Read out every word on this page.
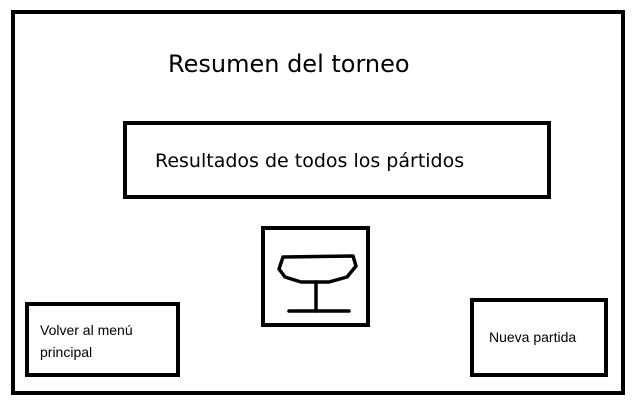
Resumen del torneo
Resultados de todos los pártidos
Volver al menú principal
Nueva partida
